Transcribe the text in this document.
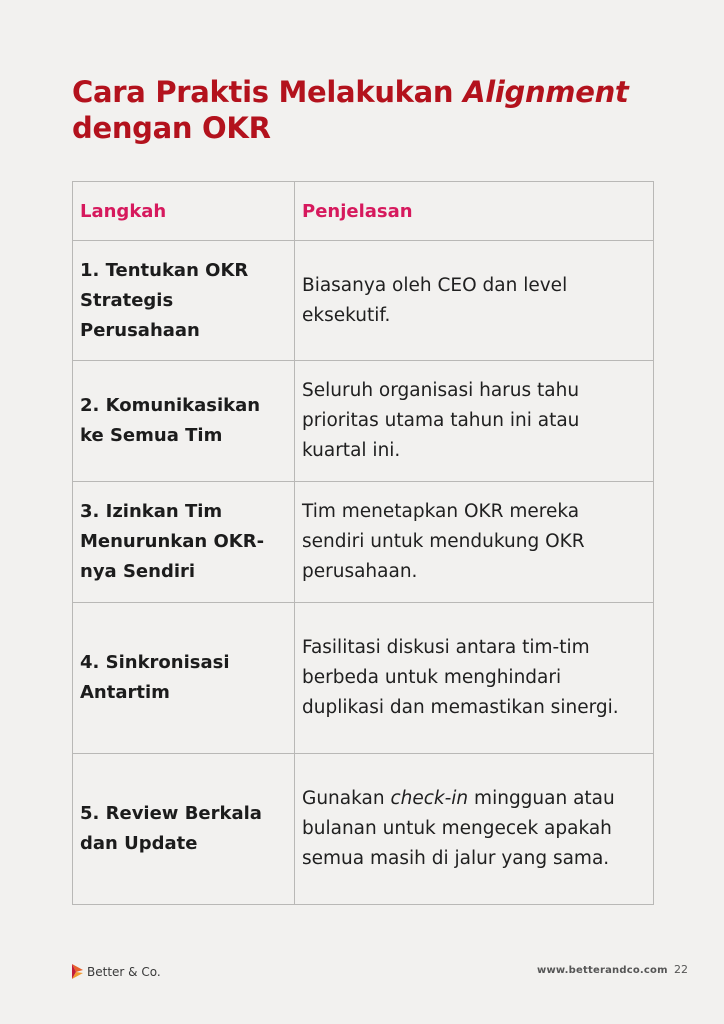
Cara Praktis Melakukan Alignment dengan OKR
Langkah	Penjelasan
1. Tentukan OKR Strategis Perusahaan	Biasanya oleh CEO dan level eksekutif.
2. Komunikasikan ke Semua Tim	Seluruh organisasi harus tahu prioritas utama tahun ini atau kuartal ini.
3. Izinkan Tim Menurunkan OKR-nya Sendiri	Tim menetapkan OKR mereka sendiri untuk mendukung OKR perusahaan.
4. Sinkronisasi Antartim	Fasilitasi diskusi antara tim-tim berbeda untuk menghindari duplikasi dan memastikan sinergi.
5. Review Berkala dan Update	Gunakan check-in mingguan atau bulanan untuk mengecek apakah semua masih di jalur yang sama.
Better & Co.	www.betterandco.com 22
